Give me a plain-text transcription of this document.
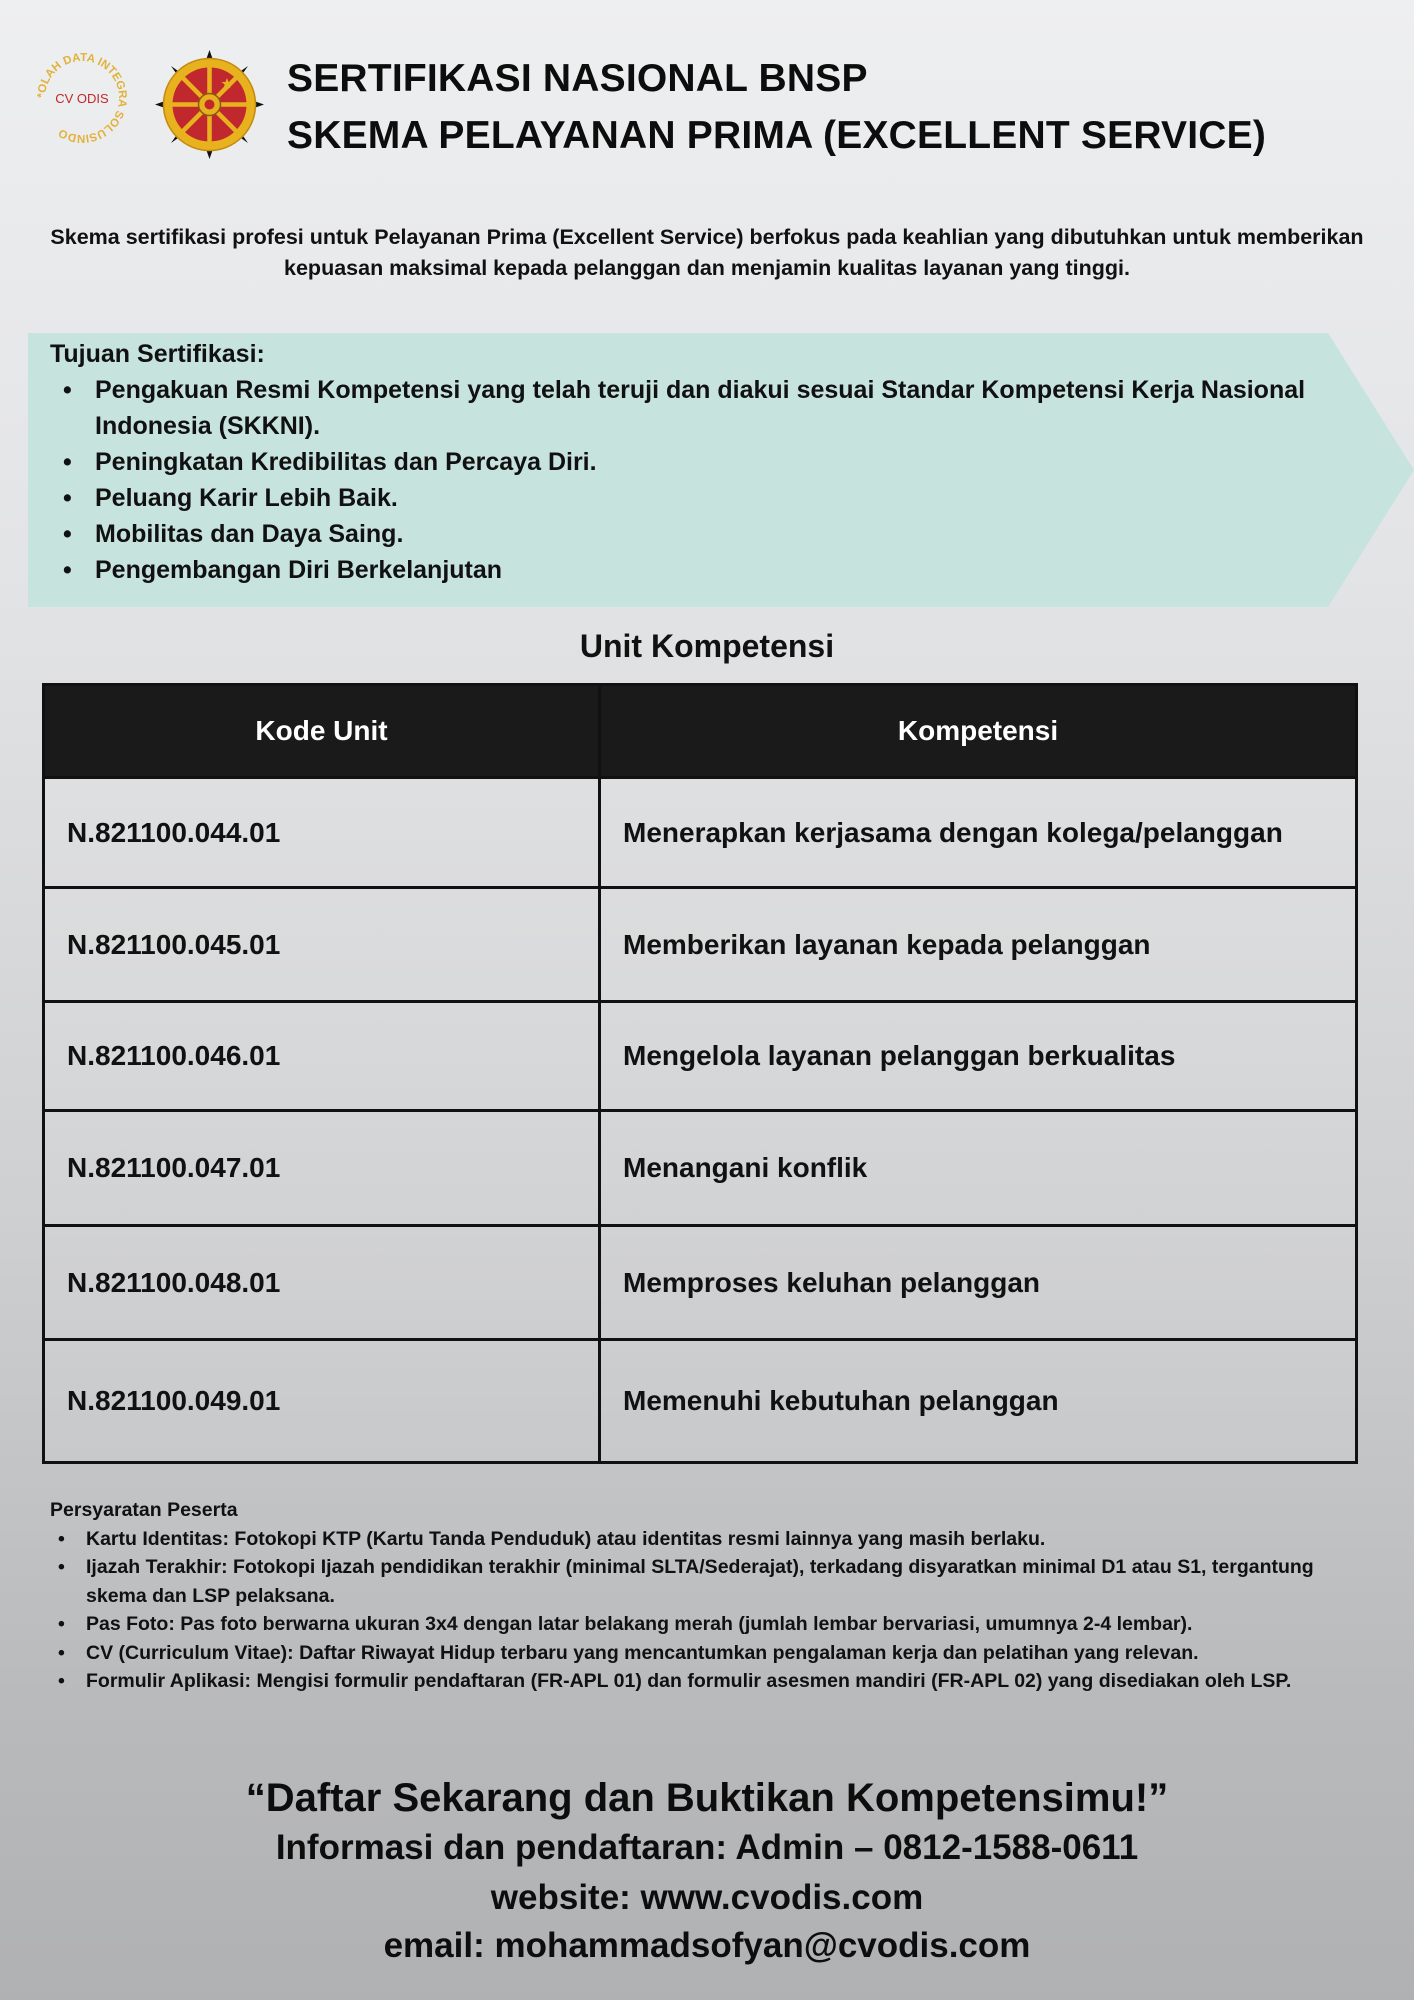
*OLAH DATA INTEGRA SOLUSINDO
CV ODIS	SERTIFIKASI NASIONAL BNSP
SKEMA PELAYANAN PRIMA (EXCELLENT SERVICE)
Skema sertifikasi profesi untuk Pelayanan Prima (Excellent Service) berfokus pada keahlian yang dibutuhkan untuk memberikan kepuasan maksimal kepada pelanggan dan menjamin kualitas layanan yang tinggi.
Tujuan Sertifikasi:
• Pengakuan Resmi Kompetensi yang telah teruji dan diakui sesuai Standar Kompetensi Kerja Nasional Indonesia (SKKNI).
• Peningkatan Kredibilitas dan Percaya Diri.
• Peluang Karir Lebih Baik.
• Mobilitas dan Daya Saing.
• Pengembangan Diri Berkelanjutan
Unit Kompetensi
Kode Unit	Kompetensi
N.821100.044.01	Menerapkan kerjasama dengan kolega/pelanggan
N.821100.045.01	Memberikan layanan kepada pelanggan
N.821100.046.01	Mengelola layanan pelanggan berkualitas
N.821100.047.01	Menangani konflik
N.821100.048.01	Memproses keluhan pelanggan
N.821100.049.01	Memenuhi kebutuhan pelanggan
Persyaratan Peserta
• Kartu Identitas: Fotokopi KTP (Kartu Tanda Penduduk) atau identitas resmi lainnya yang masih berlaku.
• Ijazah Terakhir: Fotokopi Ijazah pendidikan terakhir (minimal SLTA/Sederajat), terkadang disyaratkan minimal D1 atau S1, tergantung skema dan LSP pelaksana.
• Pas Foto: Pas foto berwarna ukuran 3x4 dengan latar belakang merah (jumlah lembar bervariasi, umumnya 2-4 lembar).
• CV (Curriculum Vitae): Daftar Riwayat Hidup terbaru yang mencantumkan pengalaman kerja dan pelatihan yang relevan.
• Formulir Aplikasi: Mengisi formulir pendaftaran (FR-APL 01) dan formulir asesmen mandiri (FR-APL 02) yang disediakan oleh LSP.
“Daftar Sekarang dan Buktikan Kompetensimu!”
Informasi dan pendaftaran: Admin – 0812-1588-0611
website: www.cvodis.com
email: mohammadsofyan@cvodis.com
